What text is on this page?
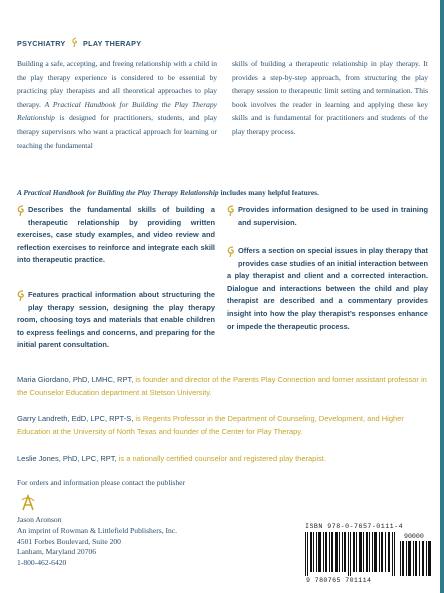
PSYCHIATRY PLAY THERAPY

Building a safe, accepting, and freeing relationship with a child in the play therapy experience is considered to be essential by practicing play therapists and all theoretical approaches to play therapy. A Practical Handbook for Building the Play Therapy Relationship is designed for practitioners, students, and play therapy supervisors who want a practical approach for learning or teaching the fundamental

skills of building a therapeutic relationship in play therapy. It provides a step-by-step approach, from structuring the play therapy session to therapeutic limit setting and termination. This book involves the reader in learning and applying these key skills and is fundamental for practitioners and students of the play therapy process.

A Practical Handbook for Building the Play Therapy Relationship includes many helpful features.
Describes the fundamental skills of building a therapeutic relationship by providing written exercises, case study examples, and video review and reflection exercises to reinforce and integrate each skill into therapeutic practice.
Features practical information about structuring the play therapy session, designing the play therapy room, choosing toys and materials that enable children to express feelings and concerns, and preparing for the initial parent consultation.
Provides information designed to be used in training and supervision.
Offers a section on special issues in play therapy that provides case studies of an initial interaction between a play therapist and client and a corrected interaction. Dialogue and interactions between the child and play therapist are described and a commentary provides insight into how the play therapist’s responses enhance or impede the therapeutic process.
Maria Giordano, PhD, LMHC, RPT, is founder and director of the Parents Play Connection and former assistant professor in the Counselor Education department at Stetson University.
Garry Landreth, EdD, LPC, RPT-S, is Regents Professor in the Department of Counseling, Development, and Higher Education at the University of North Texas and founder of the Center for Play Therapy.
Leslie Jones, PhD, LPC, RPT, is a nationally certified counselor and registered play therapist.
For orders and information please contact the publisher
Jason Aronson
An imprint of Rowman & Littlefield Publishers, Inc.
4501 Forbes Boulevard, Suite 200
Lanham, Maryland 20706
1-800-462-6420
ISBN 978-0-7657-0111-4
90000
9 780765 701114
